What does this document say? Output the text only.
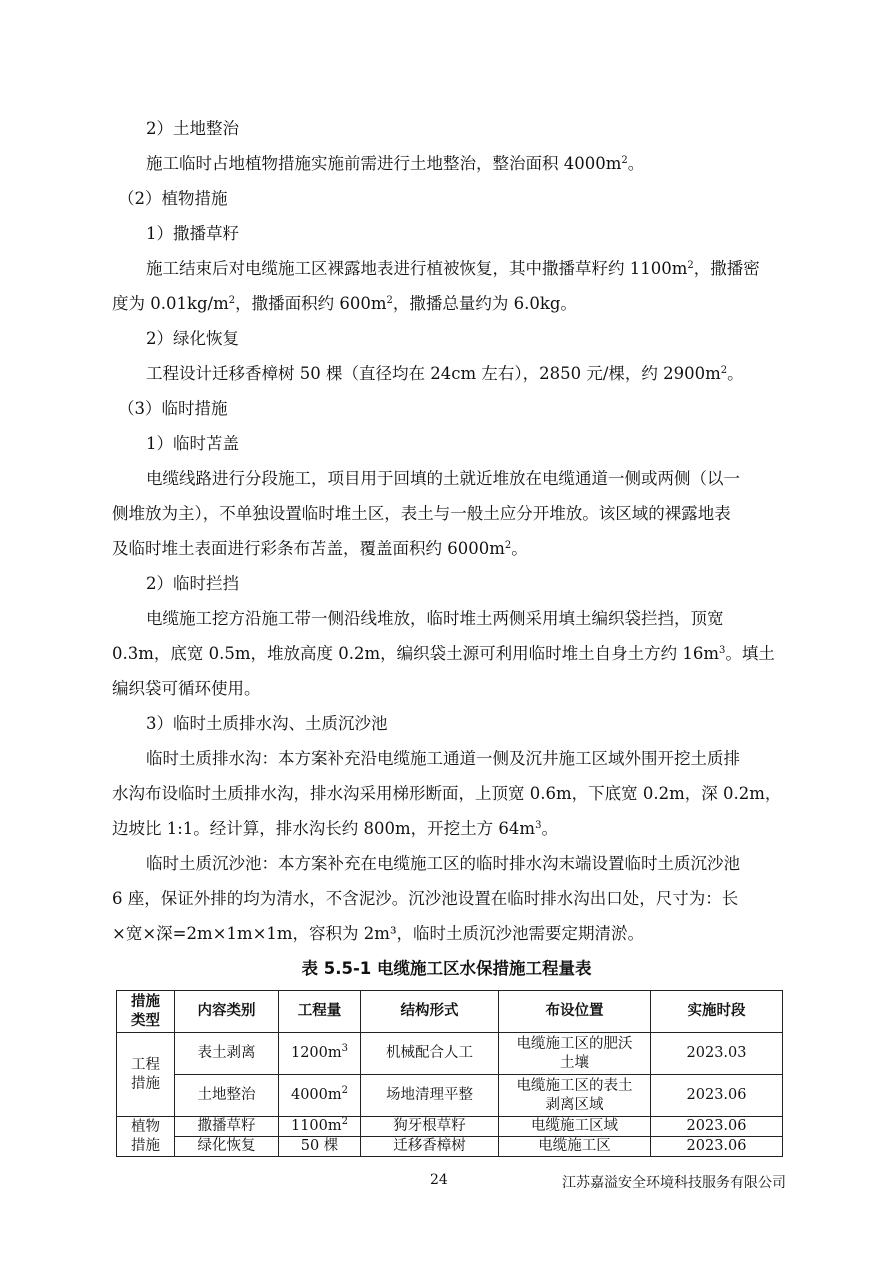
2）土地整治
施工临时占地植物措施实施前需进行土地整治，整治面积 $4000m^2$。
（2）植物措施
1）撒播草籽
施工结束后对电缆施工区裸露地表进行植被恢复，其中撒播草籽约 $1100m^2$，撒播密
度为 $0.01kg/m^2$，撒播面积约 $600m^2$，撒播总量约为 6.0kg。
2）绿化恢复
工程设计迁移香樟树 50 棵（直径均在 24cm 左右），2850 元/棵，约 $2900m^2$。
（3）临时措施
1）临时苫盖
电缆线路进行分段施工，项目用于回填的土就近堆放在电缆通道一侧或两侧（以一
侧堆放为主），不单独设置临时堆土区，表土与一般土应分开堆放。该区域的裸露地表
及临时堆土表面进行彩条布苫盖，覆盖面积约 $6000m^2$。
2）临时拦挡
电缆施工挖方沿施工带一侧沿线堆放，临时堆土两侧采用填土编织袋拦挡，顶宽
0.3m，底宽 0.5m，堆放高度 0.2m，编织袋土源可利用临时堆土自身土方约 $16m^3$。填土
编织袋可循环使用。
3）临时土质排水沟、土质沉沙池
临时土质排水沟：本方案补充沿电缆施工通道一侧及沉井施工区域外围开挖土质排
水沟布设临时土质排水沟，排水沟采用梯形断面，上顶宽 0.6m，下底宽 0.2m，深 0.2m，
边坡比 1:1。经计算，排水沟长约 800m，开挖土方 $64m^3$。
临时土质沉沙池：本方案补充在电缆施工区的临时排水沟末端设置临时土质沉沙池
6 座，保证外排的均为清水，不含泥沙。沉沙池设置在临时排水沟出口处，尺寸为：长
×宽×深=2m×1m×1m，容积为 2m³，临时土质沉沙池需要定期清淤。
表 5.5-1 电缆施工区水保措施工程量表
措施类型	内容类别	工程量	结构形式	布设位置	实施时段
工程措施	表土剥离	$1200m^3$	机械配合人工	电缆施工区的肥沃土壤	2023.03
	土地整治	$4000m^2$	场地清理平整	电缆施工区的表土剥离区域	2023.06
植物措施	撒播草籽	$1100m^2$	狗牙根草籽	电缆施工区域	2023.06
	绿化恢复	50 棵	迁移香樟树	电缆施工区	2023.06
24	江苏嘉溢安全环境科技服务有限公司
